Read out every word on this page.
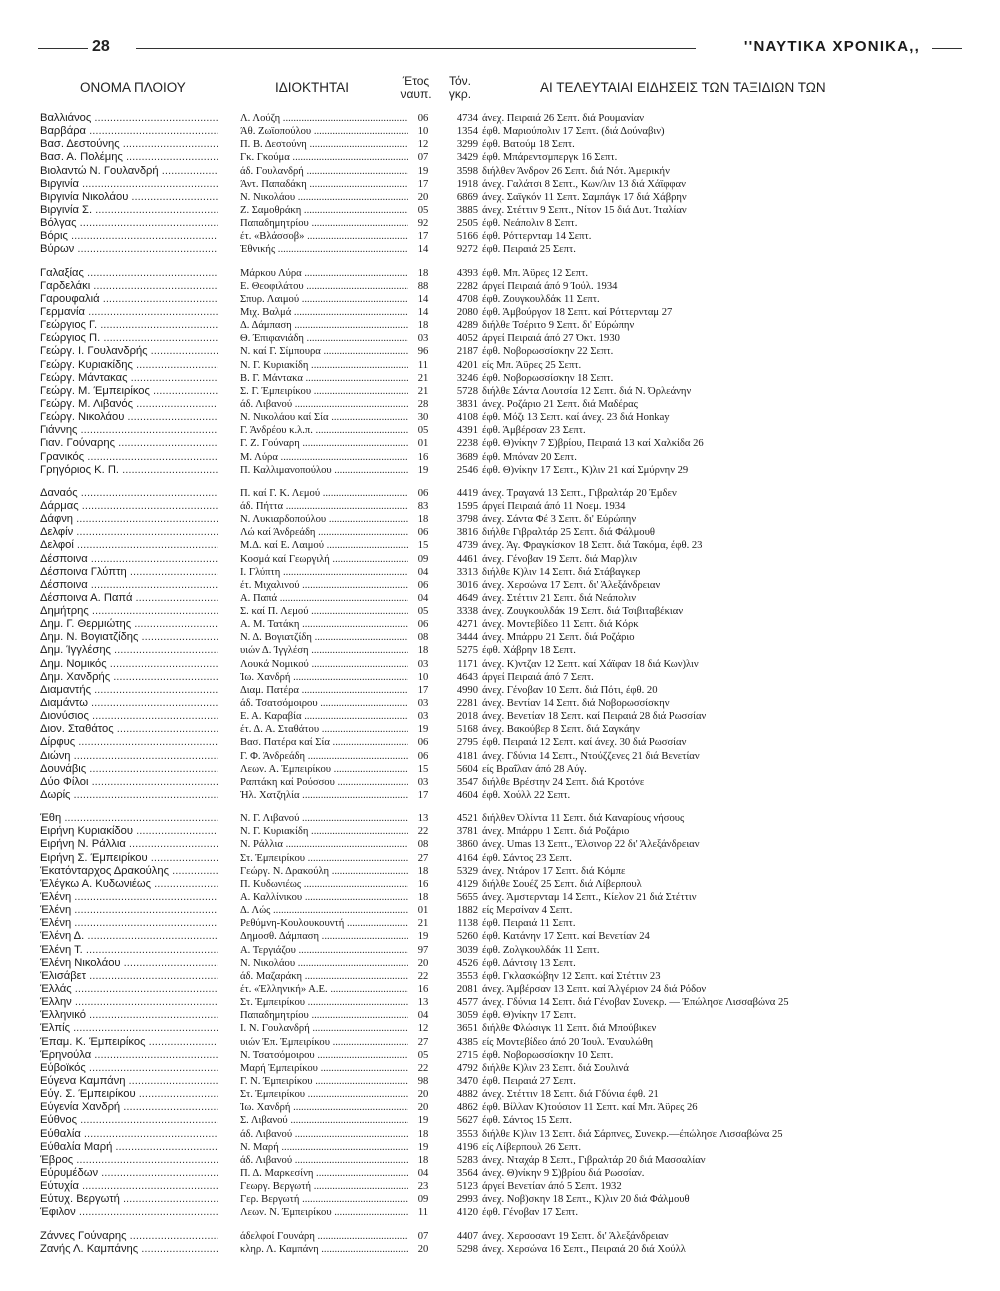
28	''ΝΑΥΤΙΚΑ ΧΡΟΝΙΚΑ,,
ΟΝΟΜΑ ΠΛΟΙΟΥ	ΙΔΙΟΚΤΗΤΑΙ	Έτος
ναυπ.
Τόν.
γκρ.	ΑΙ ΤΕΛΕΥΤΑΙΑΙ ΕΙΔΗΣΕΙΣ ΤΩΝ ΤΑΞΙΔΙΩΝ ΤΩΝ
Βαλλιάνος .....	Λ. Λούζη .....	06	4734 άνεχ. Πειραιά 26 Σεπτ. διά Ρουμανίαν
Βαρβάρα .....	Άθ. Ζωϊοπούλου .....	10	1354 έφθ. Μαριούπολιν 17 Σεπτ. (διά Δούναβιν)
Βασ. Δεστούνης .....	Π. Β. Δεστούνη .....	12	3299 έφθ. Βατούμ 18 Σεπτ.
Βασ. Α. Πολέμης .....	Γκ. Γκούμα .....	07	3429 έφθ. Μπάρεντσμπεργκ 16 Σεπτ.
Βιολαντώ Ν. Γουλανδρή .....	άδ. Γουλανδρή .....	19	3598 διήλθεν Άνδρον 26 Σεπτ. διά Νότ. Άμερικήν
Βιργινία .....	Άντ. Παπαδάκη .....	17	1918 άνεχ. Γαλάτσι 8 Σεπτ., Κων/λιν 13 διά Χάϊφφαν
Βιργινία Νικολάου .....	Ν. Νικολάου .....	20	6869 άνεχ. Σαϊγκόν 11 Σεπτ. Σαμπάγκ 17 διά Χάβρην
Βιργινία Σ. .....	Ζ. Σαμοθράκη .....	05	3885 άνεχ. Στέττιν 9 Σεπτ., Νίτον 15 διά Δυτ. Ίταλίαν
Βόλγας .....	Παπαδημητρίου .....	92	2505 έφθ. Νεάπολιν 8 Σεπτ.
Βόρις .....	έτ. «Βλάσσοβ» .....	17	5166 έφθ. Ρόττερνταμ 14 Σεπτ.
Βύρων .....	Έθνικής .....	14	9272 έφθ. Πειραιά 25 Σεπτ.
Γαλαξίας .....	Μάρκου Λύρα .....	18	4393 έφθ. Μπ. Άϋρες 12 Σεπτ.
Γαρδελάκι .....	Ε. Θεοφιλάτου .....	88	2282 άργεί Πειραιά άπό 9 Ίούλ. 1934
Γαρουφαλιά .....	Σπυρ. Λαιμού .....	14	4708 έφθ. Ζουγκουλδάκ 11 Σεπτ.
Γερμανία .....	Μιχ. Βαλμά .....	14	2080 έφθ. Άμβούργον 18 Σεπτ. καί Ρόττερνταμ 27
Γεώργιος Γ. .....	Δ. Δάμπαση .....	18	4289 διήλθε Τσέριτο 9 Σεπτ. δι' Εύρώπην
Γεώργιος Π. .....	Θ. Έπιφανιάδη .....	03	4052 άργεί Πειραιά άπό 27 Όκτ. 1930
Γεώργ. Ι. Γουλανδρής .....	Ν. καί Γ. Σίμπουρα .....	96	2187 έφθ. Νοβορωσσίσκην 22 Σεπτ.
Γεώργ. Κυριακίδης .....	Ν. Γ. Κυριακίδη .....	11	4201 είς Μπ. Άϋρες 25 Σεπτ.
Γεώργ. Μάντακας .....	Β. Γ. Μάντακα .....	21	3246 έφθ. Νοβορωσσίσκην 18 Σεπτ.
Γεώργ. Μ. Έμπειρίκος .....	Σ. Γ. Έμπειρίκου .....	21	5728 διήλθε Σάντα Λουτσία 12 Σεπτ. διά Ν. Όρλεάνην
Γεώργ. Μ. Λιβανός .....	άδ. Λιβανού .....	28	3831 άνεχ. Ροζάριο 21 Σεπτ. διά Μαδέρας
Γεώργ. Νικολάου .....	Ν. Νικολάου καί Σία .....	30	4108 έφθ. Μόζι 13 Σεπτ. καί άνεχ. 23 διά Honkay
Γιάννης .....	Γ. Άνδρέου κ.λ.π. .....	05	4391 έφθ. Άμβέρσαν 23 Σεπτ.
Γιαν. Γούναρης .....	Γ. Ζ. Γούναρη .....	01	2238 έφθ. Θ)νίκην 7 Σ)βρίου, Πειραιά 13 καί Χαλκίδα 26
Γρανικός .....	Μ. Λύρα .....	16	3689 έφθ. Μπόναν 20 Σεπτ.
Γρηγόριος Κ. Π. .....	Π. Καλλιμανοπούλου .....	19	2546 έφθ. Θ)νίκην 17 Σεπτ., Κ)λιν 21 καί Σμύρνην 29
Δαναός .....	Π. καί Γ. Κ. Λεμού .....	06	4419 άνεχ. Τραγανά 13 Σεπτ., Γιβραλτάρ 20 Έμδεν
Δάρμας .....	άδ. Πήττα .....	83	1595 άργεί Πειραιά άπό 11 Νοεμ. 1934
Δάφνη .....	Ν. Λυκιαρδοπούλου .....	18	3798 άνεχ. Σάντα Φέ 3 Σεπτ. δι' Εύρώπην
Δελφίν .....	Λώ καί Άνδρεάδη .....	06	3816 διήλθε Γιβραλτάρ 25 Σεπτ. διά Φάλμουθ
Δελφοί .....	Μ.Δ. καί Ε. Λαιμού .....	15	4739 άνεχ. Άγ. Φραγκίσκον 18 Σεπτ. διά Τακόμα, έφθ. 23
Δέσποινα .....	Κοσμά καί Γεωργιλή .....	09	4461 άνεχ. Γένοβαν 19 Σεπτ. διά Μαρ)λιν
Δέσποινα Γλύπτη .....	Ι. Γλύπτη .....	04	3313 διήλθε Κ)λιν 14 Σεπτ. διά Στάβαγκερ
Δέσποινα .....	έτ. Μιχαλινού .....	06	3016 άνεχ. Χερσώνα 17 Σεπτ. δι' Άλεξάνδρειαν
Δέσποινα Α. Παπά .....	Α. Παπά .....	04	4649 άνεχ. Στέττιν 21 Σεπτ. διά Νεάπολιν
Δημήτρης .....	Σ. καί Π. Λεμού .....	05	3338 άνεχ. Ζουγκουλδάκ 19 Σεπτ. διά Τσιβιταβέκιαν
Δημ. Γ. Θερμιώτης .....	Α. Μ. Τατάκη .....	06	4271 άνεχ. Μοντεβίδεο 11 Σεπτ. διά Κόρκ
Δημ. Ν. Βογιατζίδης .....	Ν. Δ. Βογιατζίδη .....	08	3444 άνεχ. Μπάρρυ 21 Σεπτ. διά Ροζάριο
Δημ. Ίγγλέσης .....	υιών Δ. Ίγγλέση .....	18	5275 έφθ. Χάβρην 18 Σεπτ.
Δημ. Νομικός .....	Λουκά Νομικού .....	03	1171 άνεχ. Κ)ντζαν 12 Σεπτ. καί Χάϊφαν 18 διά Κων)λιν
Δημ. Χανδρής .....	Ίω. Χανδρή .....	10	4643 άργεί Πειραιά άπό 7 Σεπτ.
Διαμαντής .....	Διαμ. Πατέρα .....	17	4990 άνεχ. Γένοβαν 10 Σεπτ. διά Πότι, έφθ. 20
Διαμάντω .....	άδ. Τσατσόμοιρου .....	03	2281 άνεχ. Βεντίαν 14 Σεπτ. διά Νοβορωσσίσκην
Διονύσιος .....	Ε. Α. Καραβία .....	03	2018 άνεχ. Βενετίαν 18 Σεπτ. καί Πειραιά 28 διά Ρωσσίαν
Διον. Σταθάτος .....	έτ. Δ. Α. Σταθάτου .....	19	5168 άνεχ. Βακούβερ 8 Σεπτ. διά Σαγκάην
Δίρφυς .....	Βασ. Πατέρα καί Σία .....	06	2795 έφθ. Πειραιά 12 Σεπτ. καί άνεχ. 30 διά Ρωσσίαν
Διώνη .....	Γ. Φ. Άνδρεάδη .....	06	4181 άνεχ. Γδύνια 14 Σεπτ., Ντούζζενες 21 διά Βενετίαν
Δουνάβις .....	Λεων. Α. Έμπειρίκου .....	15	5604 είς Βραΐλαν άπό 28 Αύγ.
Δύο Φίλοι .....	Ραπτάκη καί Ρούσσου .....	03	3547 διήλθε Βρέστην 24 Σεπτ. διά Κροτόνε
Δωρίς .....	Ήλ. Χατζηλία .....	17	4604 έφθ. Χούλλ 22 Σεπτ.
Έθη .....	Ν. Γ. Λιβανού .....	13	4521 διήλθεν Όλίντα 11 Σεπτ. διά Καναρίους νήσους
Ειρήνη Κυριακίδου .....	Ν. Γ. Κυριακίδη .....	22	3781 άνεχ. Μπάρρυ 1 Σεπτ. διά Ροζάριο
Ειρήνη Ν. Ράλλια .....	Ν. Ράλλια .....	08	3860 άνεχ. Umas 13 Σεπτ., Έλσινορ 22 δι' Άλεξάνδρειαν
Ειρήνη Σ. Έμπειρίκου .....	Στ. Έμπειρίκου .....	27	4164 έφθ. Σάντος 23 Σεπτ.
Έκατόνταρχος Δρακούλης .....	Γεώργ. Ν. Δρακούλη .....	18	5329 άνεχ. Ντάρον 17 Σεπτ. διά Κόμπε
Έλέγκω Α. Κυδωνιέως .....	Π. Κυδωνιέως .....	16	4129 διήλθε Σουέζ 25 Σεπτ. διά Λίβερπουλ
Έλένη .....	Α. Καλλίνικου .....	18	5655 άνεχ. Άμστερνταμ 14 Σεπτ., Κίελον 21 διά Στέττιν
Έλένη .....	Δ. Λώς .....	01	1882 είς Μερσίναν 4 Σεπτ.
Έλένη .....	Ρεθύμνη-Κουλουκουντή .....	21	1138 έφθ. Πειραιά 11 Σεπτ.
Έλένη Δ. .....	Δημοσθ. Δάμπαση .....	19	5260 έφθ. Κατάνην 17 Σεπτ. καί Βενετίαν 24
Έλένη Τ. .....	Α. Τεργιάζου .....	97	3039 έφθ. Ζολγκουλδάκ 11 Σεπτ.
Έλένη Νικολάου .....	Ν. Νικολάου .....	20	4526 έφθ. Δάντσιγ 13 Σεπτ.
Έλισάβετ .....	άδ. Μαζαράκη .....	22	3553 έφθ. Γκλασκώβην 12 Σεπτ. καί Στέττιν 23
Έλλάς .....	έτ. «Έλληνική» Α.Ε. .....	16	2081 άνεχ. Άμβέρσαν 13 Σεπτ. καί Άλγέριον 24 διά Ρόδον
Έλλην .....	Στ. Έμπειρίκου .....	13	4577 άνεχ. Γδύνια 14 Σεπτ. διά Γένοβαν Συνεκρ. — Έπώλησε Λισσαβώνα 25
Έλληνικό .....	Παπαδημητρίου .....	04	3059 έφθ. Θ)νίκην 17 Σεπτ.
Έλπίς .....	Ι. Ν. Γουλανδρή .....	12	3651 διήλθε Φλώσιγκ 11 Σεπτ. διά Μπούβικεν
Έπαμ. Κ. Έμπειρίκος .....	υιών Έπ. Έμπειρίκου .....	27	4385 είς Μοντεβίδεο άπό 20 Ίουλ. Έναυλώθη
Έρηνούλα .....	Ν. Τσατσόμοιρου .....	05	2715 έφθ. Νοβορωσσίσκην 10 Σεπτ.
Εύβοϊκός .....	Μαρή Έμπειρίκου .....	22	4792 διήλθε Κ)λιν 23 Σεπτ. διά Σουλινά
Εύγενα Καμπάνη .....	Γ. Ν. Έμπειρίκου .....	98	3470 έφθ. Πειραιά 27 Σεπτ.
Εύγ. Σ. Έμπειρίκου .....	Στ. Έμπειρίκου .....	20	4882 άνεχ. Στέττιν 18 Σεπτ. διά Γδύνια έφθ. 21
Εύγενία Χανδρή .....	Ίω. Χανδρή .....	20	4862 έφθ. Βίλλαν Κ)τούσιον 11 Σεπτ. καί Μπ. Άϋρες 26
Εύθνος .....	Σ. Λιβανού .....	19	5627 έφθ. Σάντος 15 Σεπτ.
Εύθαλία .....	άδ. Λιβανού .....	18	3553 διήλθε Κ)λιν 13 Σεπτ. διά Σάρπνες, Συνεκρ.—έπώλησε Λισσαβώνα 25
Εύθαλία Μαρή .....	Ν. Μαρή .....	19	4196 είς Λίβερπουλ 26 Σεπτ.
Έβρος .....	άδ. Λιβανού .....	18	5283 άνεχ. Νταχάρ 8 Σεπτ., Γιβραλτάρ 20 διά Μασσαλίαν
Εύρυμέδων .....	Π. Δ. Μαρκεσίνη .....	04	3564 άνεχ. Θ)νίκην 9 Σ)βρίου διά Ρωσσίαν.
Εύτυχία .....	Γεωργ. Βεργωτή .....	23	5123 άργεί Βενετίαν άπό 5 Σεπτ. 1932
Εύτυχ. Βεργωτή .....	Γερ. Βεργωτή .....	09	2993 άνεχ. Νοβ)σκην 18 Σεπτ., Κ)λιν 20 διά Φάλμουθ
Έφιλον .....	Λεων. Ν. Έμπειρίκου .....	11	4120 έφθ. Γένοβαν 17 Σεπτ.
Ζάννες Γούναρης .....	άδελφοί Γουνάρη .....	07	4407 άνεχ. Χερσοσαντ 19 Σεπτ. δι' Άλεξάνδρειαν
Ζανής Λ. Καμπάνης .....	κληρ. Λ. Καμπάνη .....	20	5298 άνεχ. Χερσώνα 16 Σεπτ., Πειραιά 20 διά Χούλλ
